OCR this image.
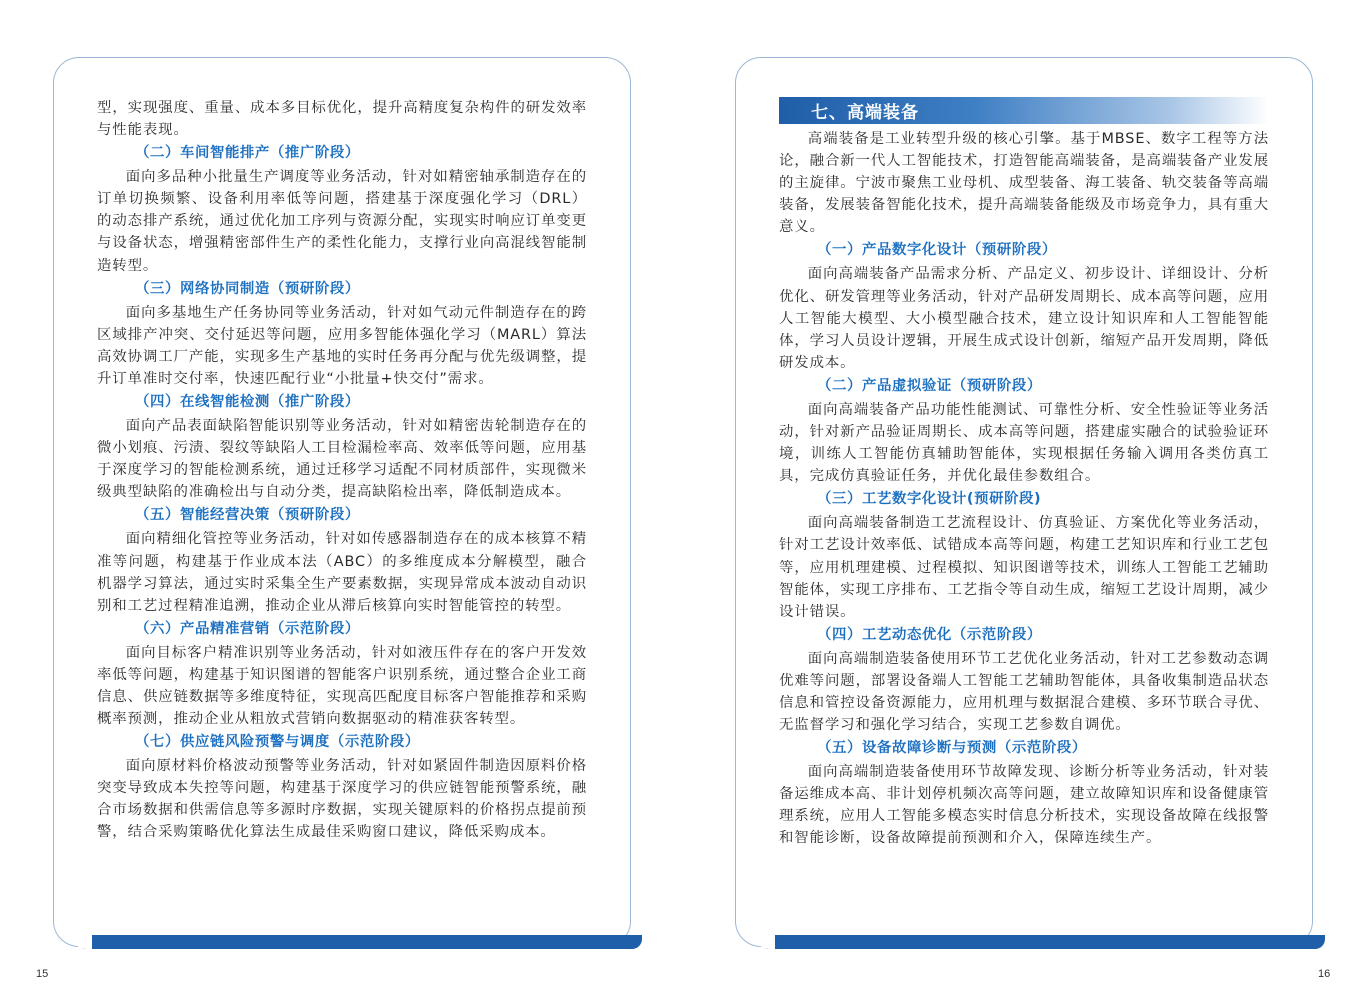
型，实现强度、重量、成本多目标优化，提升高精度复杂构件的研发效率与性能表现。

（二）车间智能排产（推广阶段）

面向多品种小批量生产调度等业务活动，针对如精密轴承制造存在的订单切换频繁、设备利用率低等问题，搭建基于深度强化学习（DRL）的动态排产系统，通过优化加工序列与资源分配，实现实时响应订单变更与设备状态，增强精密部件生产的柔性化能力，支撑行业向高混线智能制造转型。

（三）网络协同制造（预研阶段）

面向多基地生产任务协同等业务活动，针对如气动元件制造存在的跨区域排产冲突、交付延迟等问题，应用多智能体强化学习（MARL）算法高效协调工厂产能，实现多生产基地的实时任务再分配与优先级调整，提升订单准时交付率，快速匹配行业“小批量+快交付”需求。

（四）在线智能检测（推广阶段）

面向产品表面缺陷智能识别等业务活动，针对如精密齿轮制造存在的微小划痕、污渍、裂纹等缺陷人工目检漏检率高、效率低等问题，应用基于深度学习的智能检测系统，通过迁移学习适配不同材质部件，实现微米级典型缺陷的准确检出与自动分类，提高缺陷检出率，降低制造成本。

（五）智能经营决策（预研阶段）

面向精细化管控等业务活动，针对如传感器制造存在的成本核算不精准等问题，构建基于作业成本法（ABC）的多维度成本分解模型，融合机器学习算法，通过实时采集全生产要素数据，实现异常成本波动自动识别和工艺过程精准追溯，推动企业从滞后核算向实时智能管控的转型。

（六）产品精准营销（示范阶段）

面向目标客户精准识别等业务活动，针对如液压件存在的客户开发效率低等问题，构建基于知识图谱的智能客户识别系统，通过整合企业工商信息、供应链数据等多维度特征，实现高匹配度目标客户智能推荐和采购概率预测，推动企业从粗放式营销向数据驱动的精准获客转型。

（七）供应链风险预警与调度（示范阶段）

面向原材料价格波动预警等业务活动，针对如紧固件制造因原料价格突变导致成本失控等问题，构建基于深度学习的供应链智能预警系统，融合市场数据和供需信息等多源时序数据，实现关键原料的价格拐点提前预警，结合采购策略优化算法生成最佳采购窗口建议，降低采购成本。

七、高端装备

高端装备是工业转型升级的核心引擎。基于MBSE、数字工程等方法论，融合新一代人工智能技术，打造智能高端装备，是高端装备产业发展的主旋律。宁波市聚焦工业母机、成型装备、海工装备、轨交装备等高端装备，发展装备智能化技术，提升高端装备能级及市场竞争力，具有重大意义。

（一）产品数字化设计（预研阶段）

面向高端装备产品需求分析、产品定义、初步设计、详细设计、分析优化、研发管理等业务活动，针对产品研发周期长、成本高等问题，应用人工智能大模型、大小模型融合技术，建立设计知识库和人工智能智能体，学习人员设计逻辑，开展生成式设计创新，缩短产品开发周期，降低研发成本。

（二）产品虚拟验证（预研阶段）

面向高端装备产品功能性能测试、可靠性分析、安全性验证等业务活动，针对新产品验证周期长、成本高等问题，搭建虚实融合的试验验证环境，训练人工智能仿真辅助智能体，实现根据任务输入调用各类仿真工具，完成仿真验证任务，并优化最佳参数组合。

（三）工艺数字化设计(预研阶段)

面向高端装备制造工艺流程设计、仿真验证、方案优化等业务活动，针对工艺设计效率低、试错成本高等问题，构建工艺知识库和行业工艺包等，应用机理建模、过程模拟、知识图谱等技术，训练人工智能工艺辅助智能体，实现工序排布、工艺指令等自动生成，缩短工艺设计周期，减少设计错误。

（四）工艺动态优化（示范阶段）

面向高端制造装备使用环节工艺优化业务活动，针对工艺参数动态调优难等问题，部署设备端人工智能工艺辅助智能体，具备收集制造品状态信息和管控设备资源能力，应用机理与数据混合建模、多环节联合寻优、无监督学习和强化学习结合，实现工艺参数自调优。

（五）设备故障诊断与预测（示范阶段）

面向高端制造装备使用环节故障发现、诊断分析等业务活动，针对装备运维成本高、非计划停机频次高等问题，建立故障知识库和设备健康管理系统，应用人工智能多模态实时信息分析技术，实现设备故障在线报警和智能诊断，设备故障提前预测和介入，保障连续生产。

15	16
